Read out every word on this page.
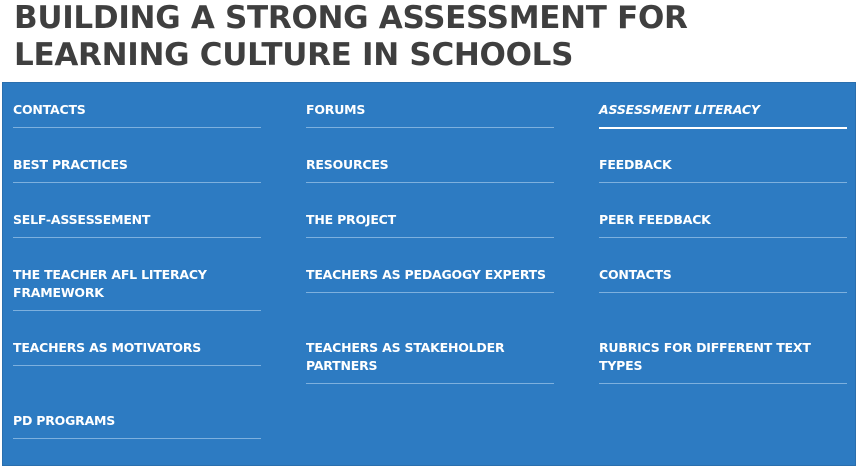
BUILDING A STRONG ASSESSMENT FOR LEARNING CULTURE IN SCHOOLS
CONTACTS
BEST PRACTICES
SELF-ASSESSEMENT
THE TEACHER AFL LITERACY FRAMEWORK
TEACHERS AS MOTIVATORS
PD PROGRAMS
FORUMS
RESOURCES
THE PROJECT
TEACHERS AS PEDAGOGY EXPERTS
TEACHERS AS STAKEHOLDER PARTNERS
ASSESSMENT LITERACY
FEEDBACK
PEER FEEDBACK
CONTACTS
RUBRICS FOR DIFFERENT TEXT TYPES
